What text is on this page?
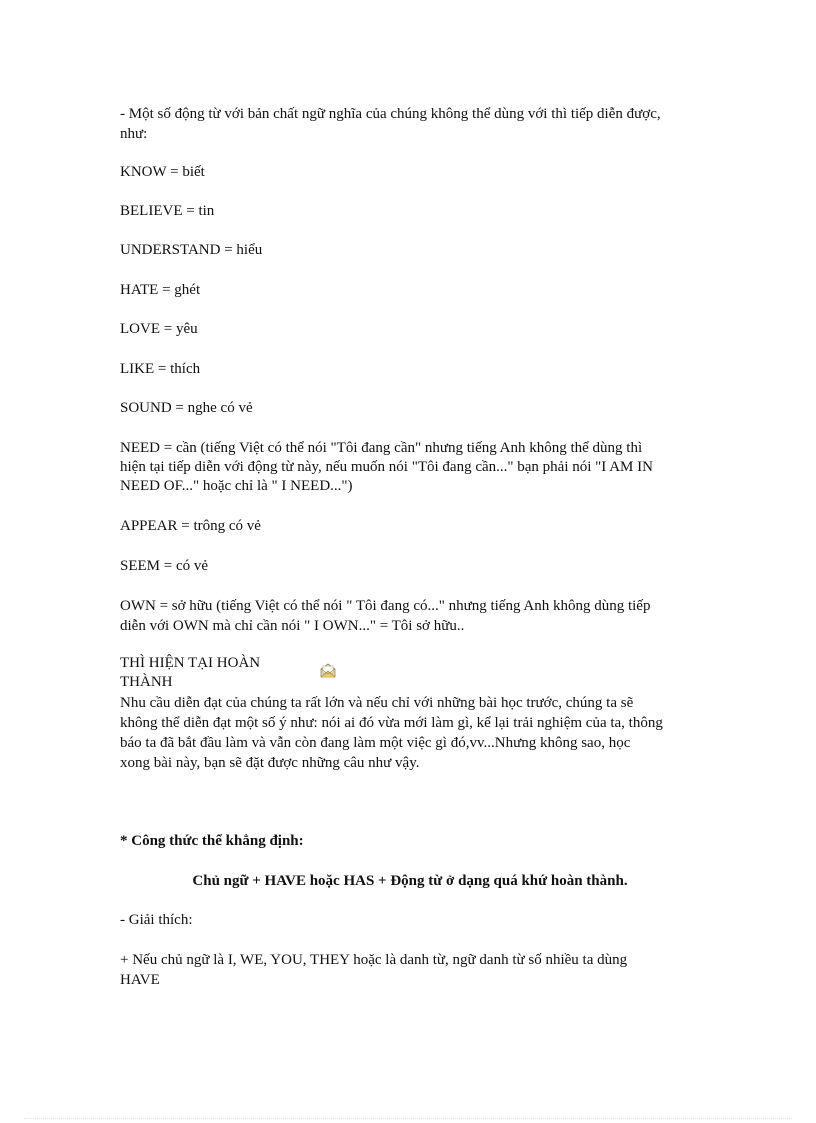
- Một số động từ với bản chất ngữ nghĩa của chúng không thể dùng với thì tiếp diễn được,

như:

KNOW = biết

BELIEVE = tin

UNDERSTAND = hiểu

HATE = ghét

LOVE = yêu

LIKE = thích

SOUND = nghe có vẻ

NEED = cần (tiếng Việt có thể nói "Tôi đang cần" nhưng tiếng Anh không thể dùng thì

hiện tại tiếp diễn với động từ này, nếu muốn nói "Tôi đang cần..." bạn phải nói "I AM IN

NEED OF..." hoặc chỉ là " I NEED...")

APPEAR = trông có vẻ

SEEM = có vẻ

OWN = sở hữu (tiếng Việt có thể nói " Tôi đang có..." nhưng tiếng Anh không dùng tiếp

diễn với OWN mà chỉ cần nói " I OWN..." = Tôi sở hữu..

THÌ HIỆN TẠI HOÀN

THÀNH

Nhu cầu diễn đạt của chúng ta rất lớn và nếu chỉ với những bài học trước, chúng ta sẽ

không thể diễn đạt một số ý như: nói ai đó vừa mới làm gì, kể lại trải nghiệm của ta, thông

báo ta đã bắt đầu làm và vẫn còn đang làm một việc gì đó,vv...Nhưng không sao, học

xong bài này, bạn sẽ đặt được những câu như vậy.

* Công thức thể khẳng định:

Chủ ngữ + HAVE hoặc HAS + Động từ ở dạng quá khứ hoàn thành.

- Giải thích:

+ Nếu chủ ngữ là I, WE, YOU, THEY hoặc là danh từ, ngữ danh từ số nhiều ta dùng

HAVE
